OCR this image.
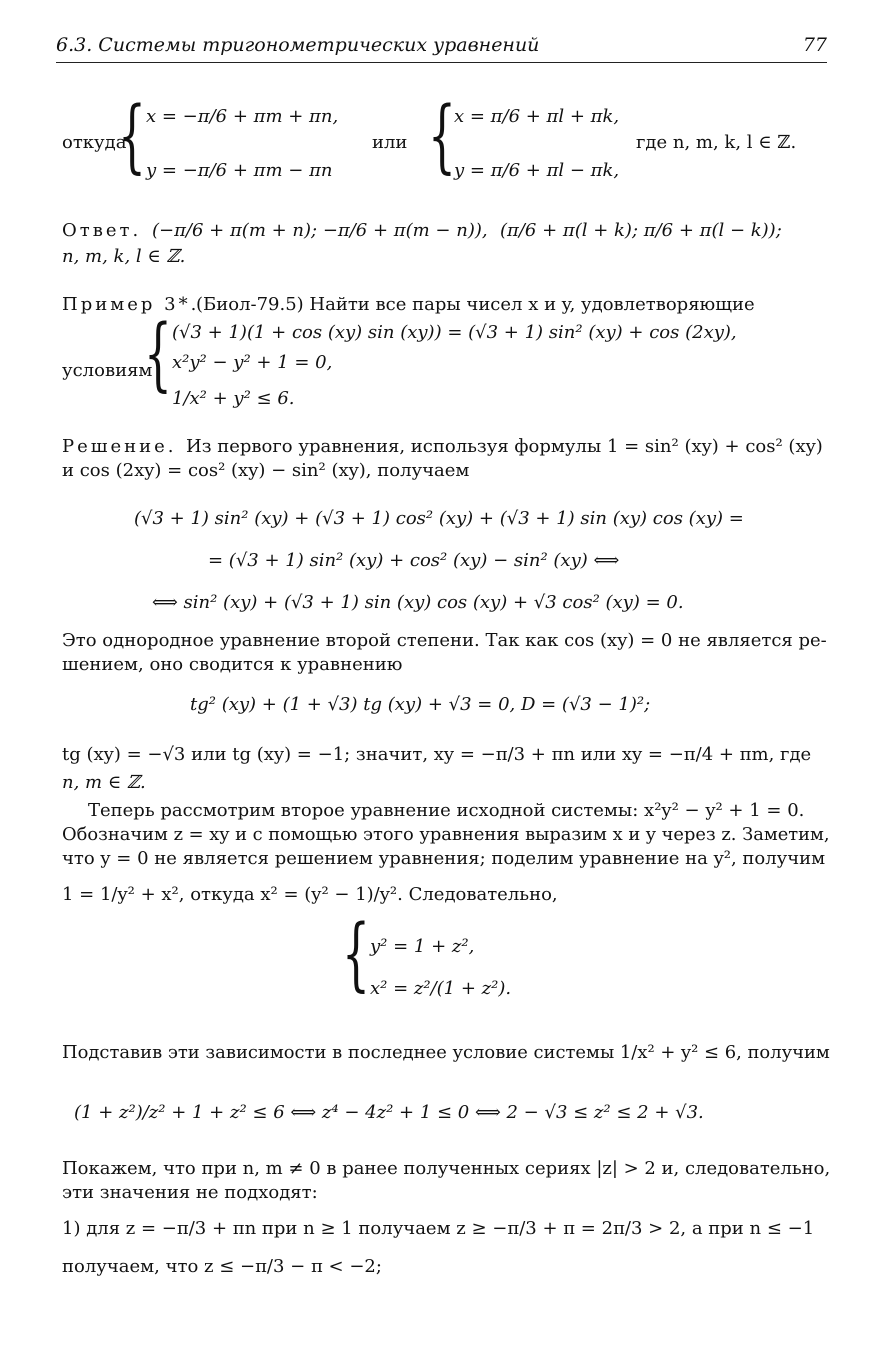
6.3. Системы тригонометрических уравнений	77
откуда
{ x = −π/6 + πm + πn,
y = −π/6 + πm − πn
или {
x = π/6 + πl + πk,
y = π/6 + πl − πk,
где n, m, k, l ∈ ℤ.
Ответ. (−π/6 + π(m + n); −π/6 + π(m − n)), (π/6 + π(l + k); π/6 + π(l − k));
n, m, k, l ∈ ℤ.
Пример 3*.
(Биол-79.5) Найти все пары чисел x и y, удовлетворяющие
условиям
{ (√3 + 1)(1 + cos (xy) sin (xy)) = (√3 + 1) sin² (xy) + cos (2xy),
x²y² − y² + 1 = 0,
1/x² + y² ≤ 6.
Решение. Из первого уравнения, используя формулы 1 = sin² (xy) + cos² (xy)
и cos (2xy) = cos² (xy) − sin² (xy), получаем
(√3 + 1) sin² (xy) + (√3 + 1) cos² (xy) + (√3 + 1) sin (xy) cos (xy) =
= (√3 + 1) sin² (xy) + cos² (xy) − sin² (xy) ⟺
⟺ sin² (xy) + (√3 + 1) sin (xy) cos (xy) + √3 cos² (xy) = 0.
Это однородное уравнение второй степени. Так как cos (xy) = 0 не является ре-
шением, оно сводится к уравнению
tg² (xy) + (1 + √3) tg (xy) + √3 = 0, D = (√3 − 1)²;
tg (xy) = −√3 или tg (xy) = −1; значит, xy = −π/3 + πn или xy = −π/4 + πm, где
n, m ∈ ℤ.
Теперь рассмотрим второе уравнение исходной системы: x²y² − y² + 1 = 0.
Обозначим z = xy и с помощью этого уравнения выразим x и y через z. Заметим,
что y = 0 не является решением уравнения; поделим уравнение на y², получим
1 = 1/y² + x², откуда x² = (y² − 1)/y². Следовательно,
{ y² = 1 + z²,
x² = z²/(1 + z²).
Подставив эти зависимости в последнее условие системы 1/x² + y² ≤ 6, получим
(1 + z²)/z² + 1 + z² ≤ 6 ⟺ z⁴ − 4z² + 1 ≤ 0 ⟺ 2 − √3 ≤ z² ≤ 2 + √3.
Покажем, что при n, m ≠ 0 в ранее полученных сериях |z| > 2 и, следовательно,
эти значения не подходят:
1) для z = −π/3 + πn при n ≥ 1 получаем z ≥ −π/3 + π = 2π/3 > 2, а при n ≤ −1
получаем, что z ≤ −π/3 − π < −2;
